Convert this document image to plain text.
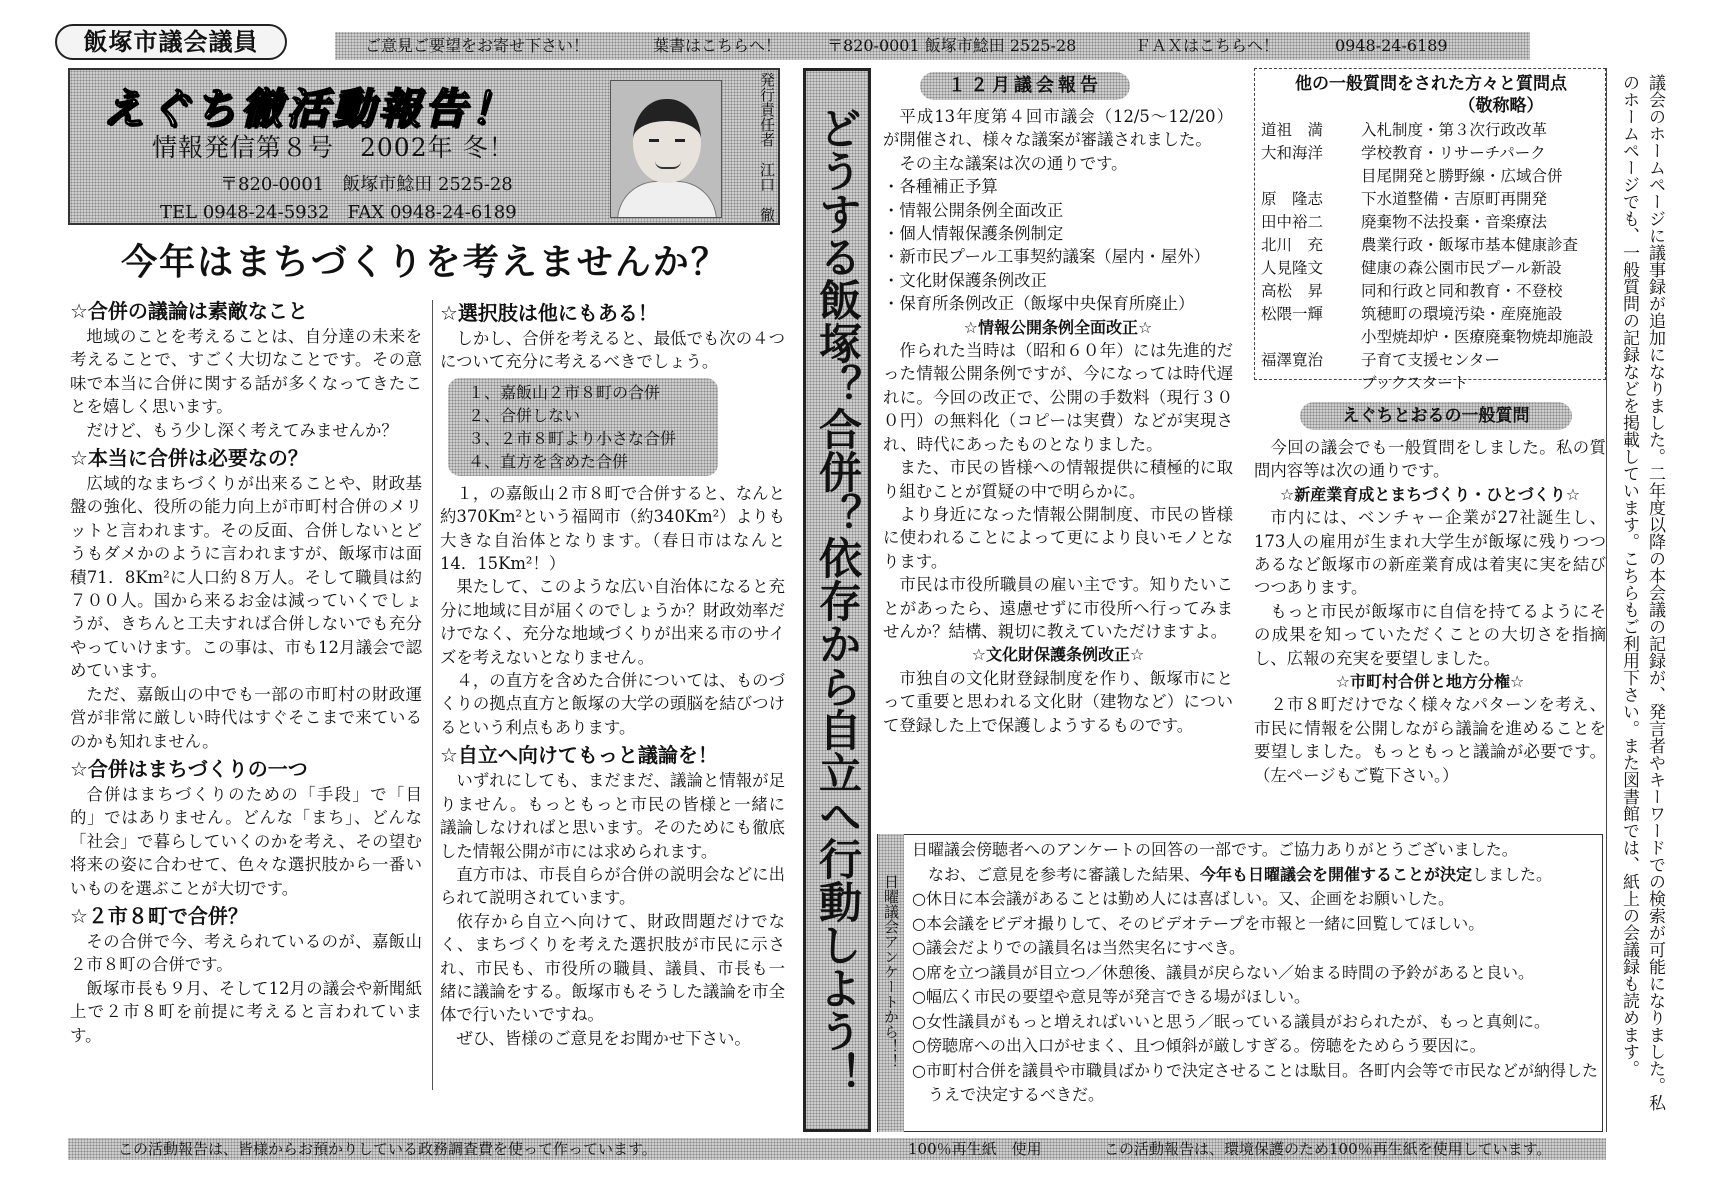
飯塚市議会議員	ご意見ご要望をお寄せ下さい！	葉書はこちらへ！	〒820-0001 飯塚市鯰田 2525-28	ＦＡＸはこちらへ！	0948-24-6189
えぐち徹活動報告！
情報発信第８号　2002年 冬！
〒820-0001　飯塚市鯰田 2525-28
TEL 0948-24-5932　FAX 0948-24-6189	発行責任者　江口　徹
今年はまちづくりを考えませんか？
☆合併の議論は素敵なこと

地域のことを考えることは、自分達の未来を考えることで、すごく大切なことです。その意味で本当に合併に関する話が多くなってきたことを嬉しく思います。

だけど、もう少し深く考えてみませんか？

☆本当に合併は必要なの？

広域的なまちづくりが出来ることや、財政基盤の強化、役所の能力向上が市町村合併のメリットと言われます。その反面、合併しないとどうもダメかのように言われますが、飯塚市は面積71．8Km²に人口約８万人。そして職員は約７００人。国から来るお金は減っていくでしょうが、きちんと工夫すれば合併しないでも充分やっていけます。この事は、市も12月議会で認めています。

ただ、嘉飯山の中でも一部の市町村の財政運営が非常に厳しい時代はすぐそこまで来ているのかも知れません。

☆合併はまちづくりの一つ

合併はまちづくりのための「手段」で「目的」ではありません。どんな「まち」、どんな「社会」で暮らしていくのかを考え、その望む将来の姿に合わせて、色々な選択肢から一番いいものを選ぶことが大切です。

☆２市８町で合併？

その合併で今、考えられているのが、嘉飯山２市８町の合併です。

飯塚市長も９月、そして12月の議会や新聞紙上で２市８町を前提に考えると言われています。

☆選択肢は他にもある！

しかし、合併を考えると、最低でも次の４つについて充分に考えるべきでしょう。

１、嘉飯山２市８町の合併
２、合併しない
３、２市８町より小さな合併
４、直方を含めた合併

１，の嘉飯山２市８町で合併すると、なんと約370Km²という福岡市（約340Km²）よりも大きな自治体となります。（春日市はなんと14．15Km²！）

果たして、このような広い自治体になると充分に地域に目が届くのでしょうか？財政効率だけでなく、充分な地域づくりが出来る市のサイズを考えないとなりません。

４，の直方を含めた合併については、ものづくりの拠点直方と飯塚の大学の頭脳を結びつけるという利点もあります。

☆自立へ向けてもっと議論を！

いずれにしても、まだまだ、議論と情報が足りません。もっともっと市民の皆様と一緒に議論しなければと思います。そのためにも徹底した情報公開が市には求められます。

直方市は、市長自らが合併の説明会などに出られて説明されています。

依存から自立へ向けて、財政問題だけでなく、まちづくりを考えた選択肢が市民に示され、市民も、市役所の職員、議員、市長も一緒に議論をする。飯塚市もそうした議論を市全体で行いたいですね。

ぜひ、皆様のご意見をお聞かせ下さい。	どうする飯塚？合併？依存から自立へ行動しよう！
１２月議会報告

平成13年度第４回市議会（12/5～12/20）が開催され、様々な議案が審議されました。

その主な議案は次の通りです。

・各種補正予算
・情報公開条例全面改正
・個人情報保護条例制定
・新市民プール工事契約議案（屋内・屋外）
・文化財保護条例改正
・保育所条例改正（飯塚中央保育所廃止）
☆情報公開条例全面改正☆

作られた当時は（昭和６０年）には先進的だった情報公開条例ですが、今になっては時代遅れに。今回の改正で、公開の手数料（現行３００円）の無料化（コピーは実費）などが実現され、時代にあったものとなりました。

また、市民の皆様への情報提供に積極的に取り組むことが質疑の中で明らかに。

より身近になった情報公開制度、市民の皆様に使われることによって更により良いモノとなります。

市民は市役所職員の雇い主です。知りたいことがあったら、遠慮せずに市役所へ行ってみませんか？結構、親切に教えていただけますよ。

☆文化財保護条例改正☆

市独自の文化財登録制度を作り、飯塚市にとって重要と思われる文化財（建物など）について登録した上で保護しようするものです。

他の一般質問をされた方々と質問点
（敬称略）
道祖　満	入札制度・第３次行政改革
大和海洋	学校教育・リサーチパーク
目尾開発と勝野線・広域合併
原　隆志	下水道整備・吉原町再開発
田中裕二	廃棄物不法投棄・音楽療法
北川　充	農業行政・飯塚市基本健康診査
人見隆文	健康の森公園市民プール新設
高松　昇	同和行政と同和教育・不登校
松隈一輝	筑穂町の環境汚染・産廃施設
小型焼却炉・医療廃棄物焼却施設
福澤寛治	子育て支援センター
ブックスタート
えぐちとおるの一般質問

今回の議会でも一般質問をしました。私の質問内容等は次の通りです。

☆新産業育成とまちづくり・ひとづくり☆

市内には、ベンチャー企業が27社誕生し、173人の雇用が生まれ大学生が飯塚に残りつつあるなど飯塚市の新産業育成は着実に実を結びつつあります。

もっと市民が飯塚市に自信を持てるようにその成果を知っていただくことの大切さを指摘し、広報の充実を要望しました。

☆市町村合併と地方分権☆

２市８町だけでなく様々なパターンを考え、市民に情報を公開しながら議論を進めることを要望しました。もっともっと議論が必要です。（左ページもご覧下さい。）	議会のホームページに議事録が追加になりました。二年度以降の本会議の記録が、発言者やキーワードでの検索が可能になりました。私のホームページでも、一般質問の記録などを掲載しています。こちらもご利用下さい。また図書館では、紙上の会議録も読めます。
日曜議会アンケートから！！
日曜議会傍聴者へのアンケートの回答の一部です。ご協力ありがとうございました。
なお、ご意見を参考に審議した結果、今年も日曜議会を開催することが決定しました。
○休日に本会議があることは勤め人には喜ばしい。又、企画をお願いした。
○本会議をビデオ撮りして、そのビデオテープを市報と一緒に回覧してほしい。
○議会だよりでの議員名は当然実名にすべき。
○席を立つ議員が目立つ／休憩後、議員が戻らない／始まる時間の予鈴があると良い。
○幅広く市民の要望や意見等が発言できる場がほしい。
○女性議員がもっと増えればいいと思う／眠っている議員がおられたが、もっと真剣に。
○傍聴席への出入口がせまく、且つ傾斜が厳しすぎる。傍聴をためらう要因に。
○市町村合併を議員や市職員ばかりで決定させることは駄目。各町内会等で市民などが納得したうえで決定するべきだ。
この活動報告は、皆様からお預かりしている政務調査費を使って作っています。	100％再生紙　使用	この活動報告は、環境保護のため100％再生紙を使用しています。
